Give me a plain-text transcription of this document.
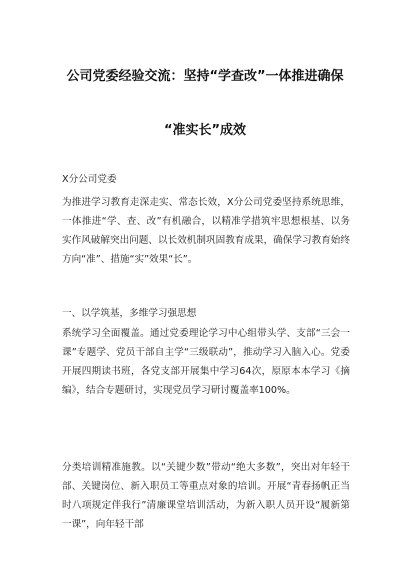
公司党委经验交流：坚持“学查改”一体推进确保
“准实长”成效
X分公司党委
为推进学习教育走深走实、常态长效，X分公司党委坚持系统思维，一体推进“学、查、改”有机融合，以精准学措筑牢思想根基、以务实作风破解突出问题、以长效机制巩固教育成果，确保学习教育始终方向“准”、措施“实”效果“长”。
一、以学筑基，多维学习强思想
系统学习全面覆盖。通过党委理论学习中心组带头学、支部“三会一课”专题学、党员干部自主学“三级联动”，推动学习入脑入心。党委开展四期读书班，各党支部开展集中学习64次，原原本本学习《摘编》，结合专题研讨，实现党员学习研讨覆盖率100%。
分类培训精准施教。以“关键少数”带动“绝大多数”，突出对年轻干部、关键岗位、新入职员工等重点对象的培训。开展“青春扬帆正当时八项规定伴我行”清廉课堂培训活动，为新入职人员开设“履新第一课”，向年轻干部
